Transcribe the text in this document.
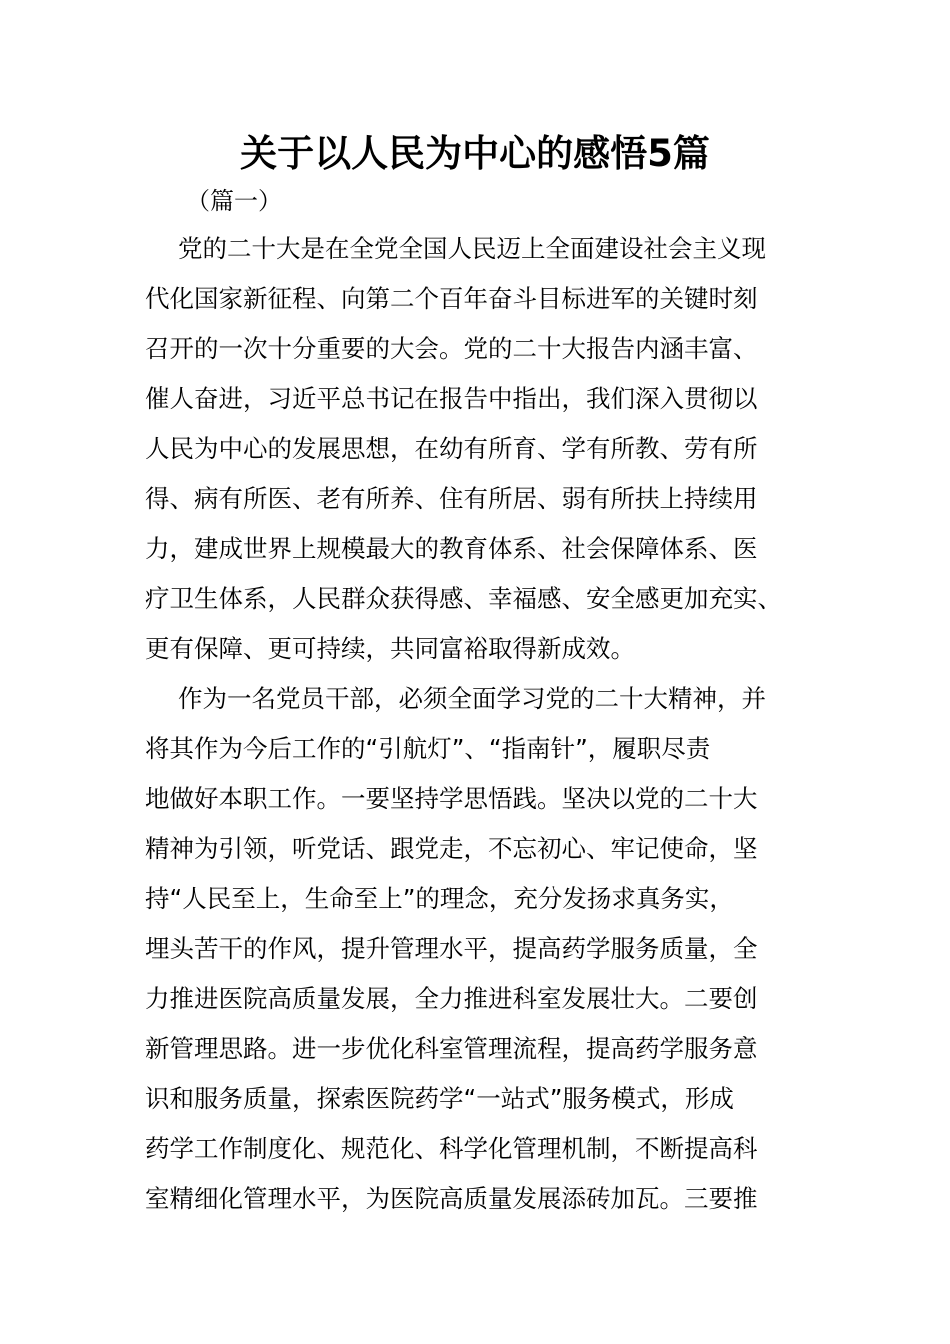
关于以人民为中心的感悟5篇
（篇一）
党的二十大是在全党全国人民迈上全面建设社会主义现
代化国家新征程、向第二个百年奋斗目标进军的关键时刻
召开的一次十分重要的大会。党的二十大报告内涵丰富、
催人奋进，习近平总书记在报告中指出，我们深入贯彻以
人民为中心的发展思想，在幼有所育、学有所教、劳有所
得、病有所医、老有所养、住有所居、弱有所扶上持续用
力，建成世界上规模最大的教育体系、社会保障体系、医
疗卫生体系，人民群众获得感、幸福感、安全感更加充实、
更有保障、更可持续，共同富裕取得新成效。
作为一名党员干部，必须全面学习党的二十大精神，并
将其作为今后工作的“引航灯”、“指南针”，履职尽责
地做好本职工作。一要坚持学思悟践。坚决以党的二十大
精神为引领，听党话、跟党走，不忘初心、牢记使命，坚
持“人民至上，生命至上”的理念，充分发扬求真务实，
埋头苦干的作风，提升管理水平，提高药学服务质量，全
力推进医院高质量发展，全力推进科室发展壮大。二要创
新管理思路。进一步优化科室管理流程，提高药学服务意
识和服务质量，探索医院药学“一站式”服务模式，形成
药学工作制度化、规范化、科学化管理机制，不断提高科
室精细化管理水平，为医院高质量发展添砖加瓦。三要推
